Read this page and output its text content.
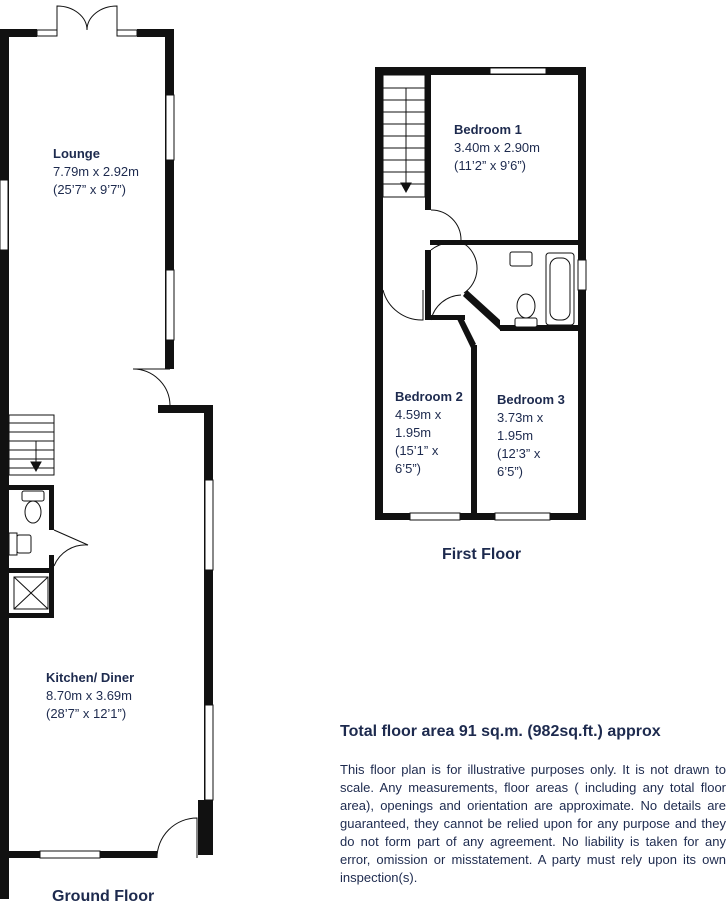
Lounge
7.79m x 2.92m
(25’7” x 9’7”)
Kitchen/ Diner
8.70m x 3.69m
(28’7” x 12’1”)
Bedroom 1
3.40m x 2.90m
(11’2” x 9’6”)
Bedroom 2
4.59m x
1.95m
(15’1” x
6’5”)
Bedroom 3
3.73m x
1.95m
(12’3” x
6’5”)
First Floor
Ground Floor
Total floor area 91 sq.m. (982sq.ft.) approx
This floor plan is for illustrative purposes only. It is not drawn to scale. Any measurements, floor areas ( including any total floor area), openings and orientation are approximate. No details are guaranteed, they cannot be relied upon for any purpose and they do not form part of any agreement. No liability is taken for any error, omission or misstatement. A party must rely upon its own inspection(s).
